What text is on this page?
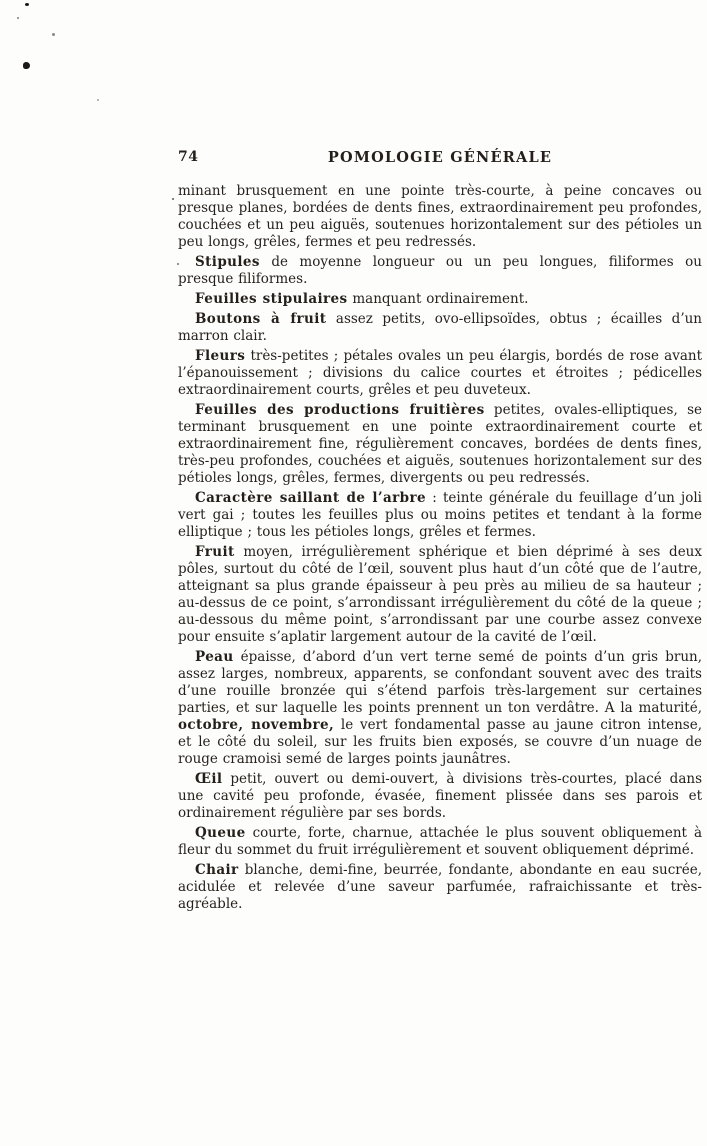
74	POMOLOGIE GÉNÉRALE

minant brusquement en une pointe très-courte, à peine concaves ou presque planes, bordées de dents fines, extraordinairement peu profondes, couchées et un peu aiguës, soutenues horizontalement sur des pétioles un peu longs, grêles, fermes et peu redressés.

Stipules de moyenne longueur ou un peu longues, filiformes ou presque filiformes.

Feuilles stipulaires manquant ordinairement.

Boutons à fruit assez petits, ovo-ellipsoïdes, obtus ; écailles d’un marron clair.

Fleurs très-petites ; pétales ovales un peu élargis, bordés de rose avant l’épanouissement ; divisions du calice courtes et étroites ; pédicelles extraordinairement courts, grêles et peu duveteux.

Feuilles des productions fruitières petites, ovales-elliptiques, se terminant brusquement en une pointe extraordinairement courte et extraordinairement fine, régulièrement concaves, bordées de dents fines, très-peu profondes, couchées et aiguës, soutenues horizontalement sur des pétioles longs, grêles, fermes, divergents ou peu redressés.

Caractère saillant de l’arbre : teinte générale du feuillage d’un joli vert gai ; toutes les feuilles plus ou moins petites et tendant à la forme elliptique ; tous les pétioles longs, grêles et fermes.

Fruit moyen, irrégulièrement sphérique et bien déprimé à ses deux pôles, surtout du côté de l’œil, souvent plus haut d’un côté que de l’autre, atteignant sa plus grande épaisseur à peu près au milieu de sa hauteur ; au-dessus de ce point, s’arrondissant irrégulièrement du côté de la queue ; au-dessous du même point, s’arrondissant par une courbe assez convexe pour ensuite s’aplatir largement autour de la cavité de l’œil.

Peau épaisse, d’abord d’un vert terne semé de points d’un gris brun, assez larges, nombreux, apparents, se confondant souvent avec des traits d’une rouille bronzée qui s’étend parfois très-largement sur certaines parties, et sur laquelle les points prennent un ton verdâtre. A la maturité, octobre, novembre, le vert fondamental passe au jaune citron intense, et le côté du soleil, sur les fruits bien exposés, se couvre d’un nuage de rouge cramoisi semé de larges points jaunâtres.

Œil petit, ouvert ou demi-ouvert, à divisions très-courtes, placé dans une cavité peu profonde, évasée, finement plissée dans ses parois et ordinairement régulière par ses bords.

Queue courte, forte, charnue, attachée le plus souvent obliquement à fleur du sommet du fruit irrégulièrement et souvent obliquement déprimé.

Chair blanche, demi-fine, beurrée, fondante, abondante en eau sucrée, acidulée et relevée d’une saveur parfumée, rafraichissante et très-agréable.
